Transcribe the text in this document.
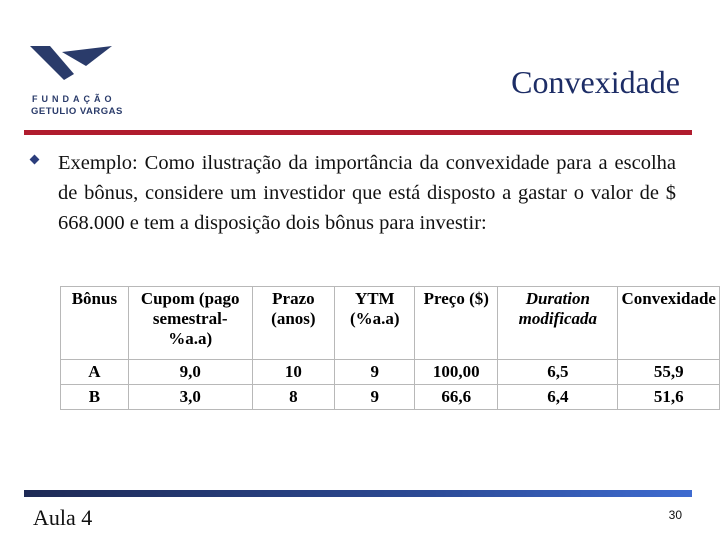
FUNDAÇÃO
GETULIO VARGAS
Convexidade
Exemplo: Como ilustração da importância da convexidade para a escolha de bônus, considere um investidor que está disposto a gastar o valor de $ 668.000 e tem a disposição dois bônus para investir:
Bônus	Cupom (pago semestral- %a.a)	Prazo (anos)	YTM (%a.a)	Preço ($)	Duration modificada	Convexidade
A	9,0	10	9	100,00	6,5	55,9
B	3,0	8	9	66,6	6,4	51,6
Aula 4	30
